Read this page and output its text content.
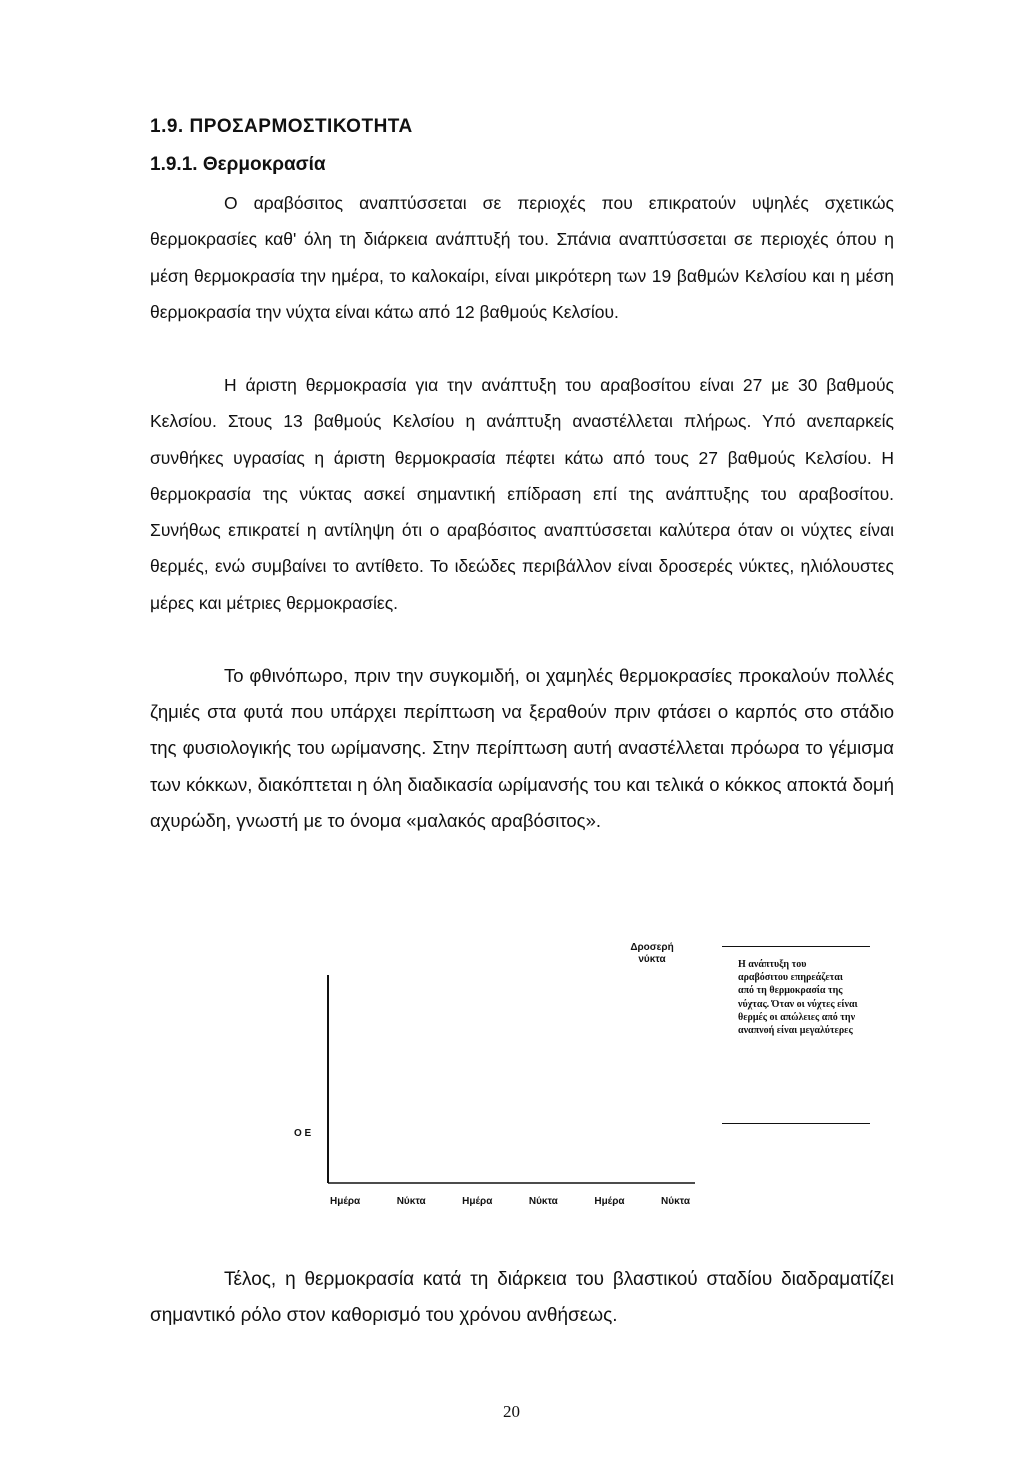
1.9. ΠΡΟΣΑΡΜΟΣΤΙΚΟΤΗΤΑ
1.9.1. Θερμοκρασία

Ο αραβόσιτος αναπτύσσεται σε περιοχές που επικρατούν υψηλές σχετικώς θερμοκρασίες καθ' όλη τη διάρκεια ανάπτυξή του. Σπάνια αναπτύσσεται σε περιοχές όπου η μέση θερμοκρασία την ημέρα, το καλοκαίρι, είναι μικρότερη των 19 βαθμών Κελσίου και η μέση θερμοκρασία την νύχτα είναι κάτω από 12 βαθμούς Κελσίου.

Η άριστη θερμοκρασία για την ανάπτυξη του αραβοσίτου είναι 27 με 30 βαθμούς Κελσίου. Στους 13 βαθμούς Κελσίου η ανάπτυξη αναστέλλεται πλήρως. Υπό ανεπαρκείς συνθήκες υγρασίας η άριστη θερμοκρασία πέφτει κάτω από τους 27 βαθμούς Κελσίου. Η θερμοκρασία της νύκτας ασκεί σημαντική επίδραση επί της ανάπτυξης του αραβοσίτου. Συνήθως επικρατεί η αντίληψη ότι ο αραβόσιτος αναπτύσσεται καλύτερα όταν οι νύχτες είναι θερμές, ενώ συμβαίνει το αντίθετο. Το ιδεώδες περιβάλλον είναι δροσερές νύκτες, ηλιόλουστες μέρες και μέτριες θερμοκρασίες.

Το φθινόπωρο, πριν την συγκομιδή, οι χαμηλές θερμοκρασίες προκαλούν πολλές ζημιές στα φυτά που υπάρχει περίπτωση να ξεραθούν πριν φτάσει ο καρπός στο στάδιο της φυσιολογικής του ωρίμανσης. Στην περίπτωση αυτή αναστέλλεται πρόωρα το γέμισμα των κόκκων, διακόπτεται η όλη διαδικασία ωρίμανσής του και τελικά ο κόκκος αποκτά δομή αχυρώδη, γνωστή με το όνομα «μαλακός αραβόσιτος».

Δροσερή νύκτα	Η ανάπτυξη του αραβόσιτου επηρεάζεται από τη θερμοκρασία της νύχτας. Όταν οι νύχτες είναι θερμές οι απώλειες από την αναπνοή είναι μεγαλύτερες
Ο Ε
Ημέρα	Νύκτα	Ημέρα	Νύκτα	Ημέρα	Νύκτα

Τέλος, η θερμοκρασία κατά τη διάρκεια του βλαστικού σταδίου διαδραματίζει σημαντικό ρόλο στον καθορισμό του χρόνου ανθήσεως.

20
